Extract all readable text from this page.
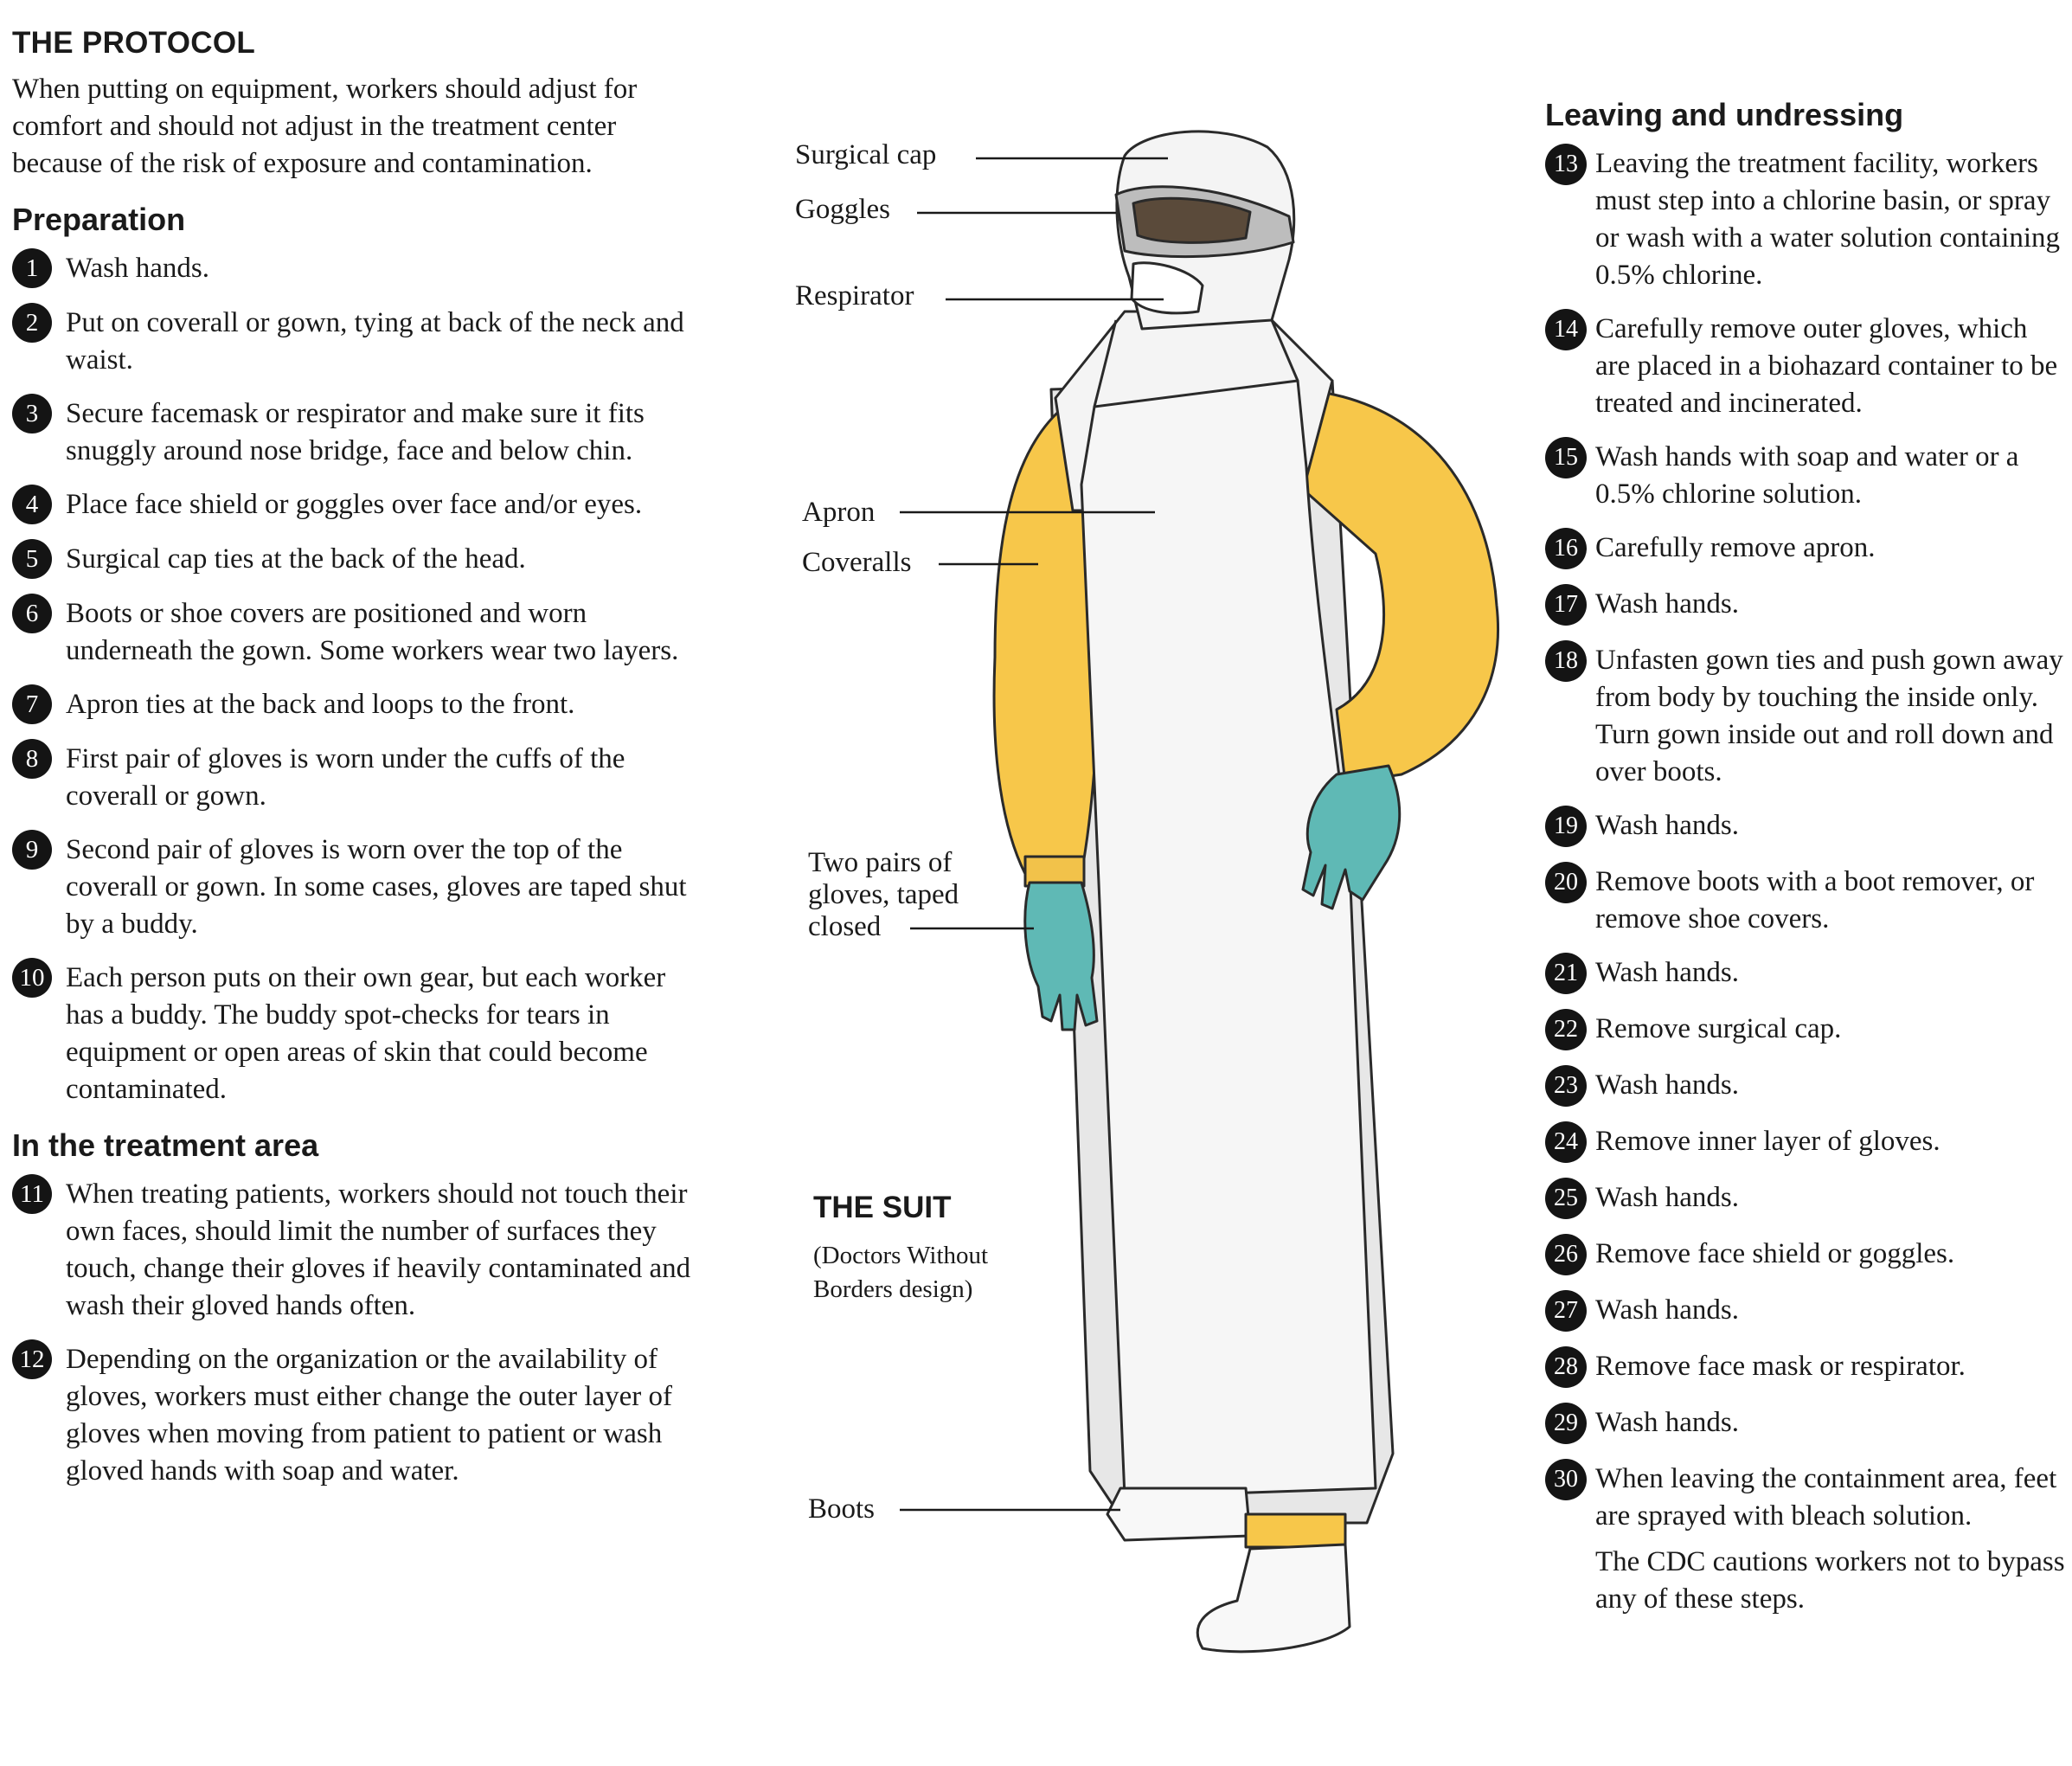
THE PROTOCOL
When putting on equipment, workers should adjust for comfort and should not adjust in the treatment center because of the risk of exposure and contamination.
Preparation
1 Wash hands.
2 Put on coverall or gown, tying at back of the neck and waist.
3 Secure facemask or respirator and make sure it fits snuggly around nose bridge, face and below chin.
4 Place face shield or goggles over face and/or eyes.
5 Surgical cap ties at the back of the head.
6 Boots or shoe covers are positioned and worn underneath the gown. Some workers wear two layers.
7 Apron ties at the back and loops to the front.
8 First pair of gloves is worn under the cuffs of the coverall or gown.
9 Second pair of gloves is worn over the top of the coverall or gown. In some cases, gloves are taped shut by a buddy.
10 Each person puts on their own gear, but each worker has a buddy. The buddy spot-checks for tears in equipment or open areas of skin that could become contaminated.
In the treatment area
11 When treating patients, workers should not touch their own faces, should limit the number of surfaces they touch, change their gloves if heavily contaminated and wash their gloved hands often.
12 Depending on the organization or the availability of gloves, workers must either change the outer layer of gloves when moving from patient to patient or wash gloved hands with soap and water.
Surgical cap
Goggles
Respirator
Apron
Coveralls
Two pairs of gloves, taped closed
Boots
THE SUIT
(Doctors Without Borders design)
Leaving and undressing
13 Leaving the treatment facility, workers must step into a chlorine basin, or spray or wash with a water solution containing 0.5% chlorine.
14 Carefully remove outer gloves, which are placed in a biohazard container to be treated and incinerated.
15 Wash hands with soap and water or a 0.5% chlorine solution.
16 Carefully remove apron.
17 Wash hands.
18 Unfasten gown ties and push gown away from body by touching the inside only. Turn gown inside out and roll down and over boots.
19 Wash hands.
20 Remove boots with a boot remover, or remove shoe covers.
21 Wash hands.
22 Remove surgical cap.
23 Wash hands.
24 Remove inner layer of gloves.
25 Wash hands.
26 Remove face shield or goggles.
27 Wash hands.
28 Remove face mask or respirator.
29 Wash hands.
30 When leaving the containment area, feet are sprayed with bleach solution.
The CDC cautions workers not to bypass any of these steps.
